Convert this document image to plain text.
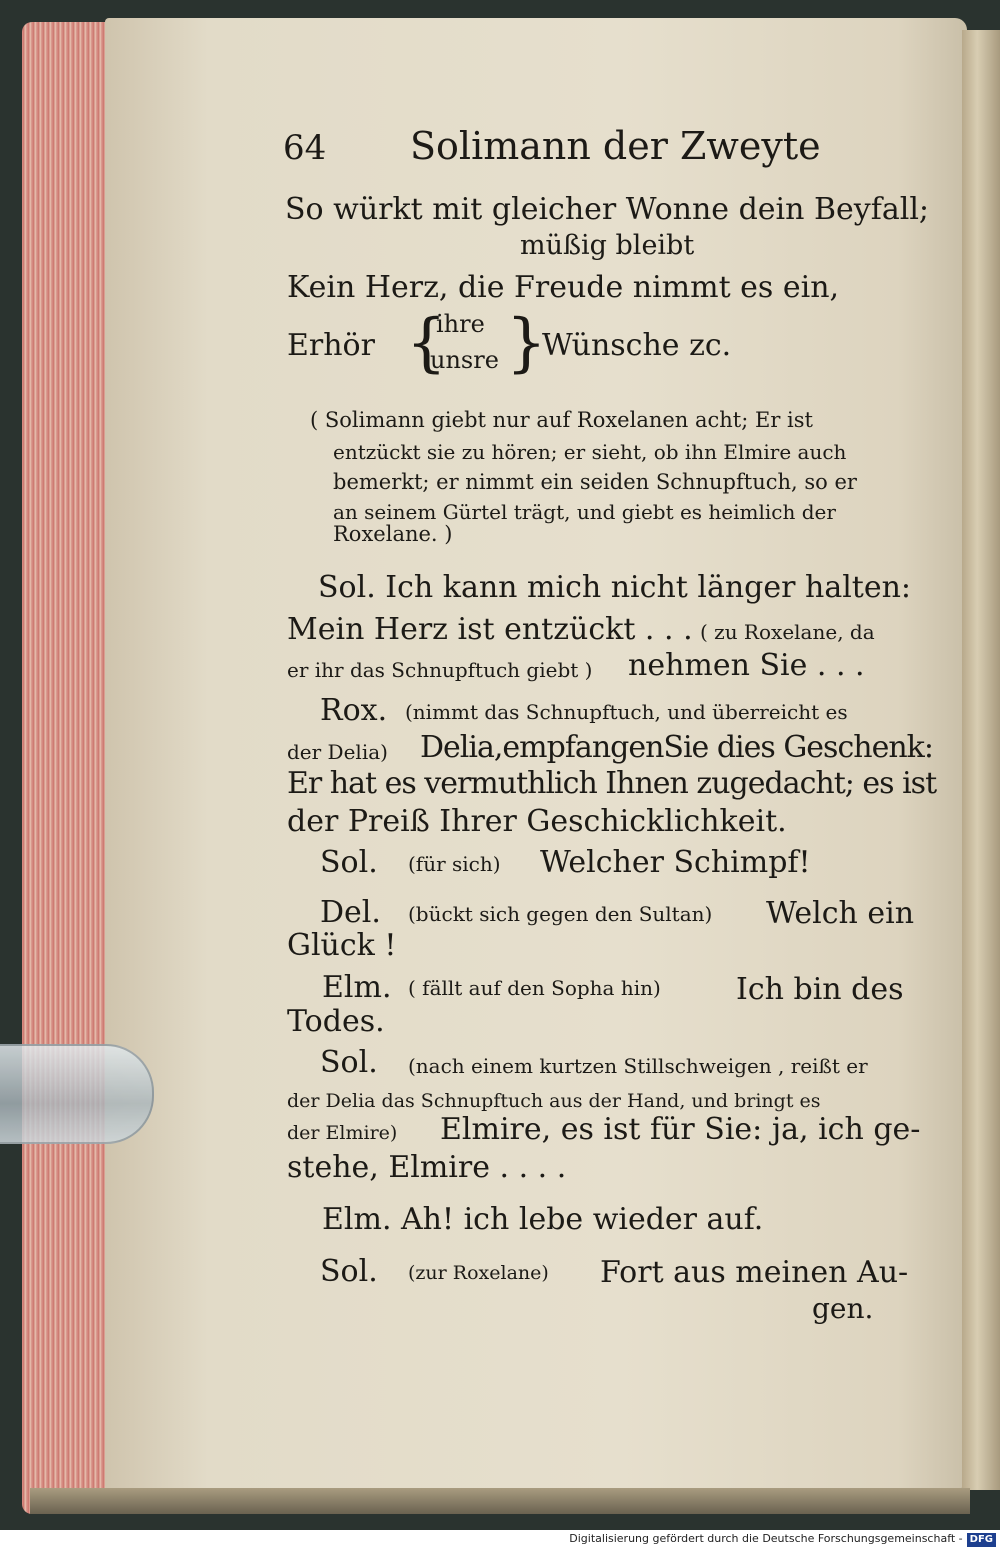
64 Solimann der Zweyte
So würkt mit gleicher Wonne dein Beyfall;
müßig bleibt
Kein Herz, die Freude nimmt es ein,
Erhör {
ihre
unsre }
Wünsche zc.
( Solimann giebt nur auf Roxelanen acht; Er ist
entzückt sie zu hören; er sieht, ob ihn Elmire auch
bemerkt; er nimmt ein seiden Schnupftuch, so er
an seinem Gürtel trägt, und giebt es heimlich der
Roxelane. )
Sol. Ich kann mich nicht länger halten:
Mein Herz ist entzückt . . . ( zu Roxelane, da
er ihr das Schnupftuch giebt ) nehmen Sie . . .
Rox. (nimmt das Schnupftuch, und überreicht es
der Delia) Delia,empfangenSie dies Geschenk:
Er hat es vermuthlich Ihnen zugedacht; es ist
der Preiß Ihrer Geschicklichkeit.
Sol. (für sich) Welcher Schimpf!
Del. (bückt sich gegen den Sultan) Welch ein
Glück !
Elm. ( fällt auf den Sopha hin)	Ich bin des
Todes.
Sol. (nach einem kurtzen Stillschweigen , reißt er
der Delia das Schnupftuch aus der Hand, und bringt es
der Elmire) Elmire, es ist für Sie: ja, ich ge-
stehe, Elmire . . . .
Elm. Ah! ich lebe wieder auf.
Sol. (zur Roxelane) Fort aus meinen Au-
gen.
Digitalisierung gefördert durch die Deutsche Forschungsgemeinschaft - DFG
